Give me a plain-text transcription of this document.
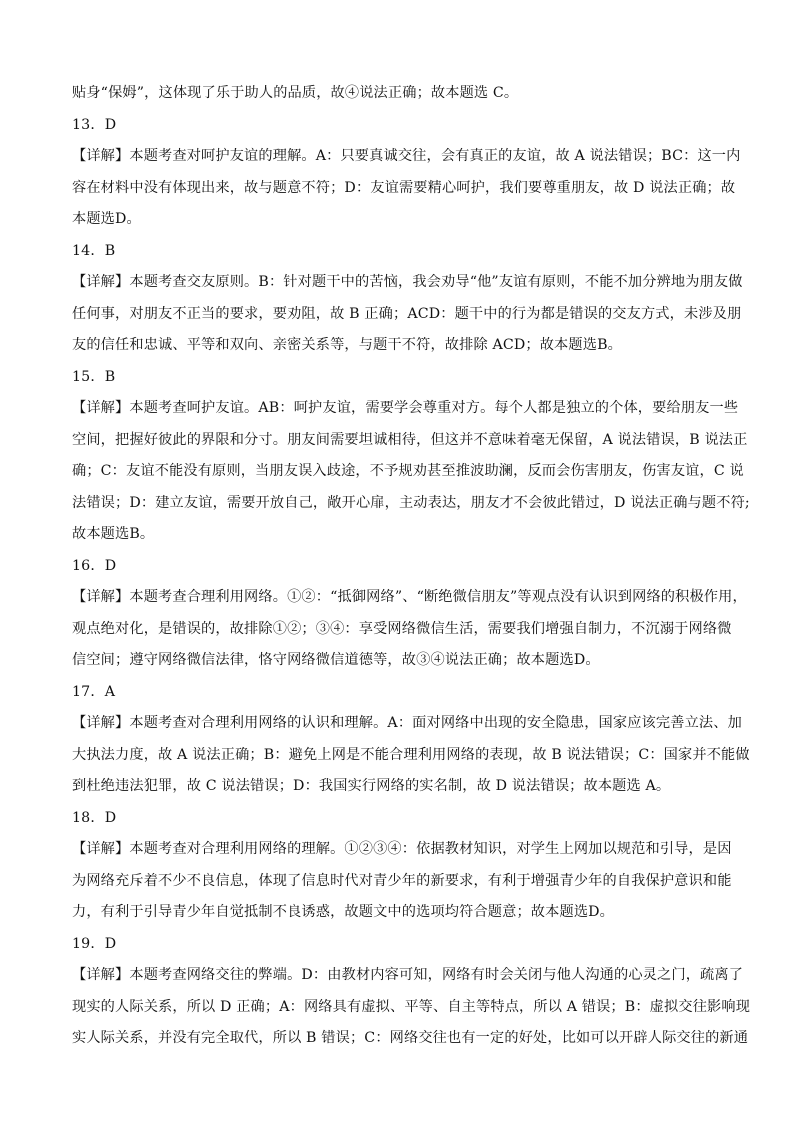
贴身“保姆”，这体现了乐于助人的品质，故④说法正确；故本题选 C。
13．D
【详解】本题考查对呵护友谊的理解。A：只要真诚交往，会有真正的友谊，故 A 说法错误；BC：这一内
容在材料中没有体现出来，故与题意不符；D：友谊需要精心呵护，我们要尊重朋友，故 D 说法正确；故
本题选D。
14．B
【详解】本题考查交友原则。B：针对题干中的苦恼，我会劝导“他”友谊有原则，不能不加分辨地为朋友做
任何事，对朋友不正当的要求，要劝阻，故 B 正确；ACD：题干中的行为都是错误的交友方式，未涉及朋
友的信任和忠诚、平等和双向、亲密关系等，与题干不符，故排除 ACD；故本题选B。
15．B
【详解】本题考查呵护友谊。AB：呵护友谊，需要学会尊重对方。每个人都是独立的个体，要给朋友一些
空间，把握好彼此的界限和分寸。朋友间需要坦诚相待，但这并不意味着毫无保留，A 说法错误，B 说法正
确；C：友谊不能没有原则，当朋友误入歧途，不予规劝甚至推波助澜，反而会伤害朋友，伤害友谊，C 说
法错误；D：建立友谊，需要开放自己，敞开心扉，主动表达，朋友才不会彼此错过，D 说法正确与题不符;
故本题选B。
16．D
【详解】本题考查合理利用网络。①②：“抵御网络”、“断绝微信朋友”等观点没有认识到网络的积极作用，
观点绝对化，是错误的，故排除①②；③④：享受网络微信生活，需要我们增强自制力，不沉溺于网络微
信空间；遵守网络微信法律，恪守网络微信道德等，故③④说法正确；故本题选D。
17．A
【详解】本题考查对合理利用网络的认识和理解。A：面对网络中出现的安全隐患，国家应该完善立法、加
大执法力度，故 A 说法正确；B：避免上网是不能合理利用网络的表现，故 B 说法错误；C：国家并不能做
到杜绝违法犯罪，故 C 说法错误；D：我国实行网络的实名制，故 D 说法错误；故本题选 A。
18．D
【详解】本题考查对合理利用网络的理解。①②③④：依据教材知识，对学生上网加以规范和引导，是因
为网络充斥着不少不良信息，体现了信息时代对青少年的新要求，有利于增强青少年的自我保护意识和能
力，有利于引导青少年自觉抵制不良诱惑，故题文中的选项均符合题意；故本题选D。
19．D
【详解】本题考查网络交往的弊端。D：由教材内容可知，网络有时会关闭与他人沟通的心灵之门，疏离了
现实的人际关系，所以 D 正确；A：网络具有虚拟、平等、自主等特点，所以 A 错误；B：虚拟交往影响现
实人际关系，并没有完全取代，所以 B 错误；C：网络交往也有一定的好处，比如可以开辟人际交往的新通
